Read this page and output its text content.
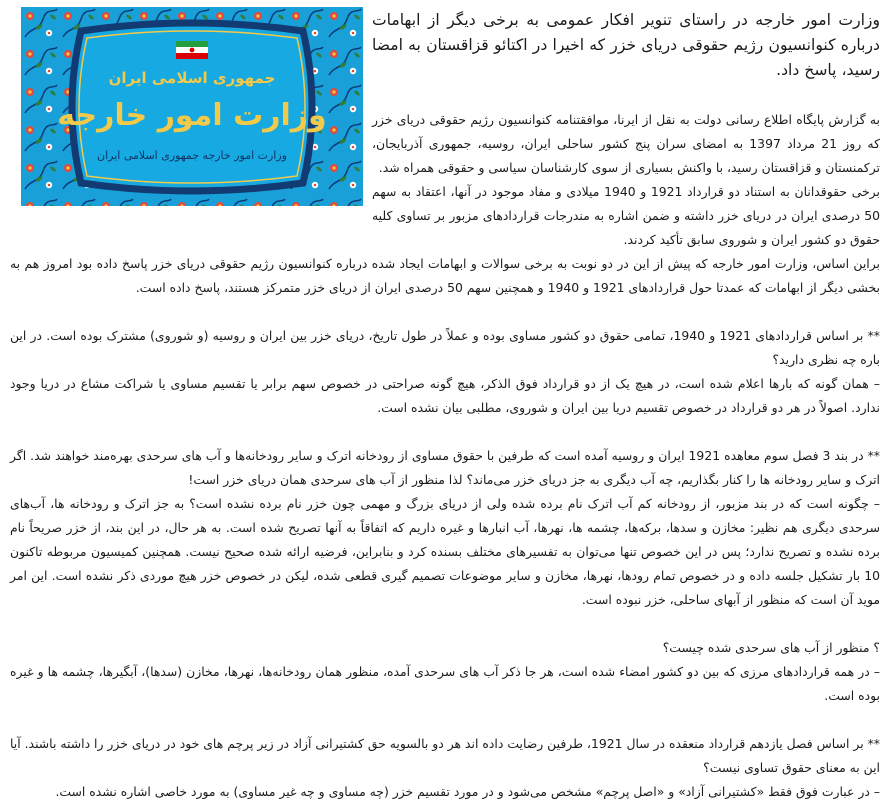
جمهوری اسلامی ایران
وزارت امور خارجه
وزارت امور خارجه جمهوری اسلامی ایران
وزارت امور خارجه در راستای تنویر افکار عمومی به برخی دیگر از ابهامات درباره کنوانسیون رژیم حقوقی دریای خزر که اخیرا در اکتائو قزاقستان به امضا رسید، پاسخ داد.

به گزارش پایگاه اطلاع رسانی دولت به نقل از ایرنا، موافقتنامه کنوانسیون رژیم حقوقی دریای خزر که روز 21 مرداد 1397 به امضای سران پنج کشور ساحلی ایران، روسیه، جمهوری آذربایجان، ترکمنستان و قزاقستان رسید، با واکنش بسیاری از سوی کارشناسان سیاسی و حقوقی همراه شد.

برخی حقوقدانان به استناد دو قرارداد 1921 و 1940 میلادی و مفاد موجود در آنها، اعتقاد به سهم 50 درصدی ایران در دریای خزر داشته و ضمن اشاره به مندرجات قراردادهای مزبور بر تساوی کلیه حقوق دو کشور ایران و شوروی سابق تأکید کردند.

براین اساس، وزارت امور خارجه که پیش از این در دو نوبت به برخی سوالات و ابهامات ایجاد شده درباره کنوانسیون رژیم حقوقی دریای خزر پاسخ داده بود امروز هم به بخشی دیگر از ابهامات که عمدتا حول قراردادهای 1921 و 1940 و همچنین سهم 50 درصدی ایران از دریای خزر متمرکز هستند، پاسخ داده است.

** بر اساس قراردادهای 1921 و 1940، تمامی حقوق دو کشور مساوی بوده و عملاً در طول تاریخ، دریای خزر بین ایران و روسیه (و شوروی) مشترک بوده است. در این باره چه نظری دارید؟

– همان گونه که بارها اعلام شده است، در هیچ یک از دو قرارداد فوق الذکر، هیچ گونه صراحتی در خصوص سهم برابر یا تقسیم مساوی یا شراکت مشاع در دریا وجود ندارد. اصولاً در هر دو قرارداد در خصوص تقسیم دریا بین ایران و شوروی، مطلبی بیان نشده است.

** در بند 3 فصل سوم معاهده 1921 ایران و روسیه آمده است که طرفین با حقوق مساوی از رودخانه اترک و سایر رودخانه‌ها و آب های سرحدی بهره‌مند خواهند شد. اگر اترک و سایر رودخانه ها را کنار بگذاریم، چه آب دیگری به جز دریای خزر می‌ماند؟ لذا منظور از آب های سرحدی همان دریای خزر است!

– چگونه است که در بند مزبور، از رودخانه کم آب اترک نام برده شده ولی از دریای بزرگ و مهمی چون خزر نام برده نشده است؟ به جز اترک و رودخانه ها، آب‌های سرحدی دیگری هم نظیر: مخازن و سدها، برکه‌ها، چشمه ها، نهرها، آب انبارها و غیره داریم که اتفاقاً به آنها تصریح شده است. به هر حال، در این بند، از خزر صریحاً نام برده نشده و تصریح ندارد؛ پس در این خصوص تنها می‌توان به تفسیرهای مختلف بسنده کرد و بنابراین، فرضیه ارائه شده صحیح نیست. همچنین کمیسیون مربوطه تاکنون 10 بار تشکیل جلسه داده و در خصوص تمام رودها، نهرها، مخازن و سایر موضوعات تصمیم گیری قطعی شده، لیکن در خصوص خزر هیچ موردی ذکر نشده است. این امر موید آن است که منظور از آبهای ساحلی، خزر نبوده است.

؟ منظور از آب های سرحدی شده چیست؟

– در همه قراردادهای مرزی که بین دو کشور امضاء شده است، هر جا ذکر آب های سرحدی آمده، منظور همان رودخانه‌ها، نهرها، مخازن (سدها)، آبگیرها، چشمه ها و غیره بوده است.

** بر اساس فصل یازدهم قرارداد منعقده در سال 1921، طرفین رضایت داده اند هر دو بالسویه حق کشتیرانی آزاد در زیر پرچم های خود در دریای خزر را داشته باشند. آیا این به معنای حقوق تساوی نیست؟

– در عبارت فوق فقط «کشتیرانی آزاد» و «اصل پرچم» مشخص می‌شود و در مورد تقسیم خزر (چه مساوی و چه غیر مساوی) به مورد خاصی اشاره نشده است.
